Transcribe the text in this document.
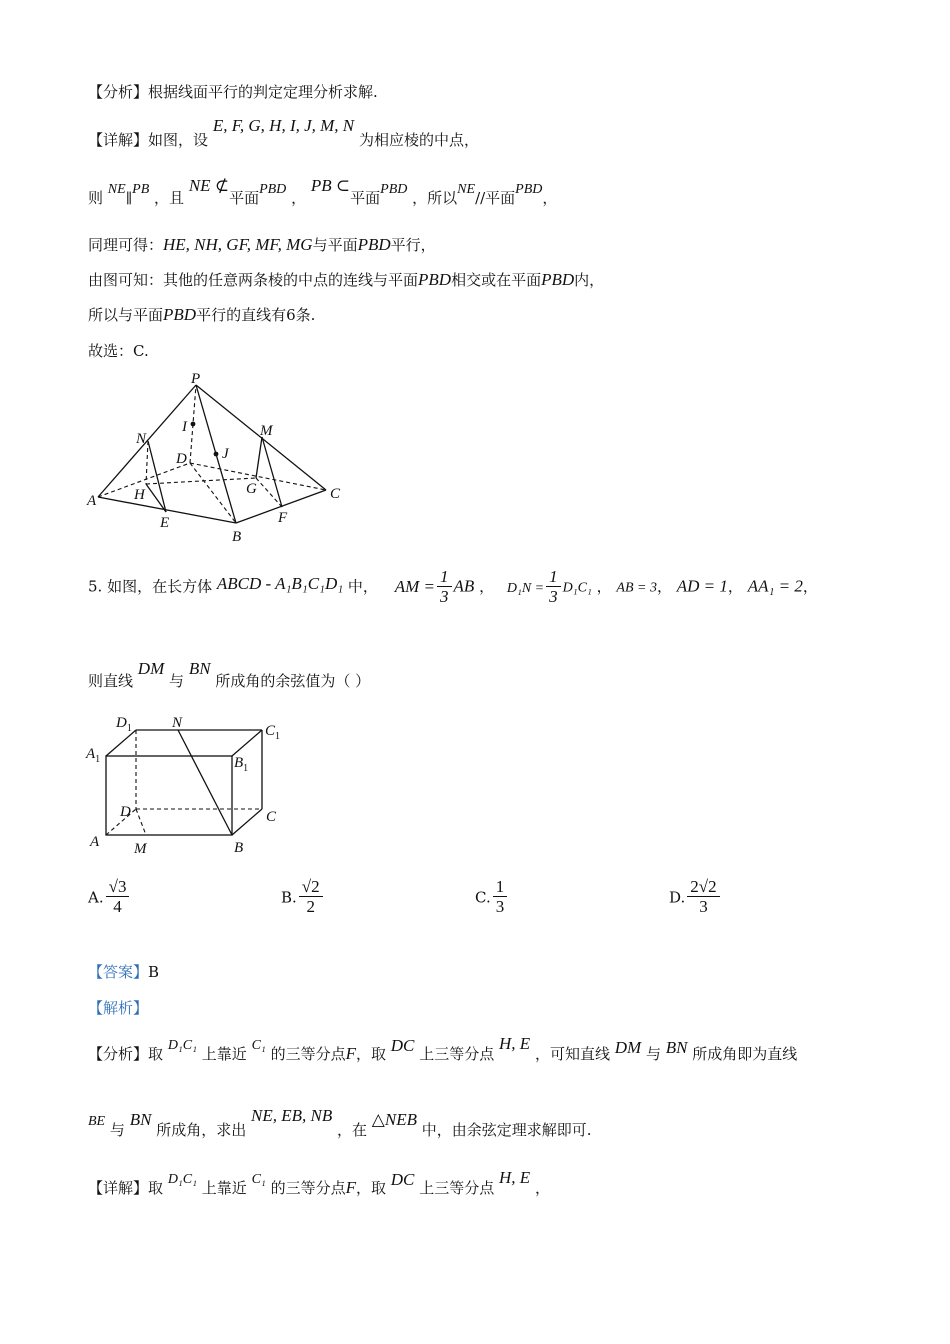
【分析】根据线面平行的判定定理分析求解.
【详解】如图，设 E, F, G, H, I, J, M, N 为相应棱的中点，
则 NE∥PB ，且 NE ⊄平面PBD ， PB ⊂平面PBD ，所以NE//平面PBD，
同理可得：HE, NH, GF, MF, MG与平面PBD平行，
由图可知：其他的任意两条棱的中点的连线与平面PBD相交或在平面PBD内，
所以与平面PBD平行的直线有6条.
故选：C.
P
I
J
N	M
D
H	G
A	C
E	F
B
5. 如图，在长方体 ABCD - A₁B₁C₁D₁ 中， AM = $\frac{1}{3}$ AB ， $D_1N = \frac{1}{3} D_1C_1$ ， AB = 3， AD = 1， AA₁ = 2，
则直线 DM 与 BN 所成角的余弦值为（ ）
$D_1$	N	$C_1$
$A_1$	$B_1$
D	C
A M	B
A. $\frac{√3}{4}$	B. $\frac{√2}{2}$	C. $\frac{1}{3}$	D. $\frac{2√2}{3}$
【答案】B
【解析】
【分析】取 D₁C₁ 上靠近 C₁ 的三等分点F，取 DC 上三等分点 H, E ，可知直线 DM 与 BN 所成角即为直线
BE 与 BN 所成角，求出 NE, EB, NB ，在 △NEB 中，由余弦定理求解即可.
【详解】取 D₁C₁ 上靠近 C₁ 的三等分点F，取 DC 上三等分点 H, E ，
